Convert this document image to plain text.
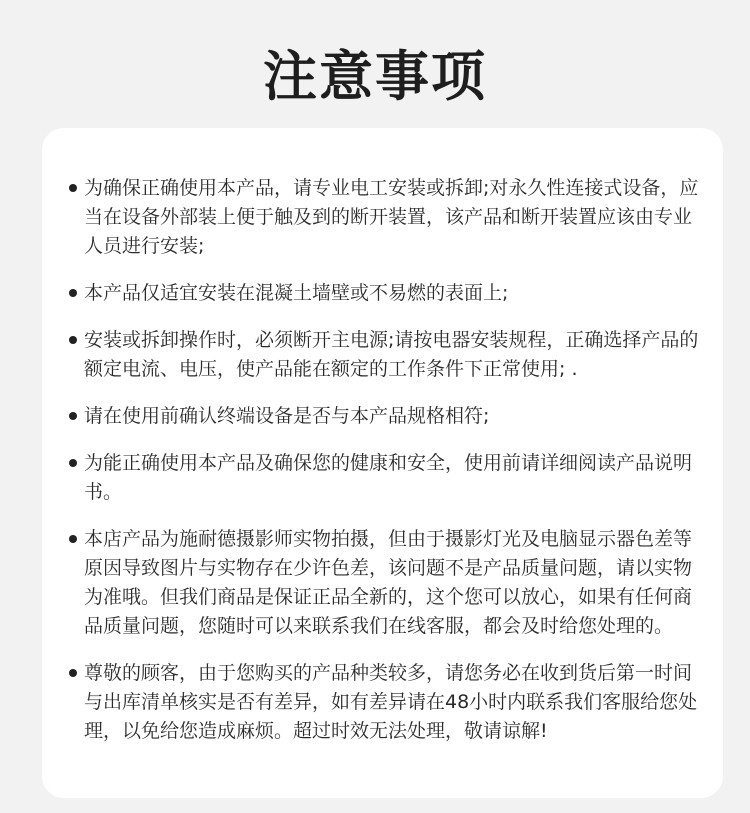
注意事项
为确保正确使用本产品，请专业电工安装或拆卸;对永久性连接式设备，应当在设备外部装上便于触及到的断开装置，该产品和断开装置应该由专业人员进行安装;
本产品仅适宜安装在混凝土墙壁或不易燃的表面上;
安装或拆卸操作时，必须断开主电源;请按电器安装规程，正确选择产品的额定电流、电压，使产品能在额定的工作条件下正常使用; .
请在使用前确认终端设备是否与本产品规格相符;
为能正确使用本产品及确保您的健康和安全，使用前请详细阅读产品说明书。
本店产品为施耐德摄影师实物拍摄，但由于摄影灯光及电脑显示器色差等原因导致图片与实物存在少许色差，该问题不是产品质量问题，请以实物为准哦。但我们商品是保证正品全新的，这个您可以放心，如果有任何商品质量问题，您随时可以来联系我们在线客服，都会及时给您处理的。
尊敬的顾客，由于您购买的产品种类较多，请您务必在收到货后第一时间与出库清单核实是否有差异，如有差异请在48小时内联系我们客服给您处理，以免给您造成麻烦。超过时效无法处理，敬请谅解!
